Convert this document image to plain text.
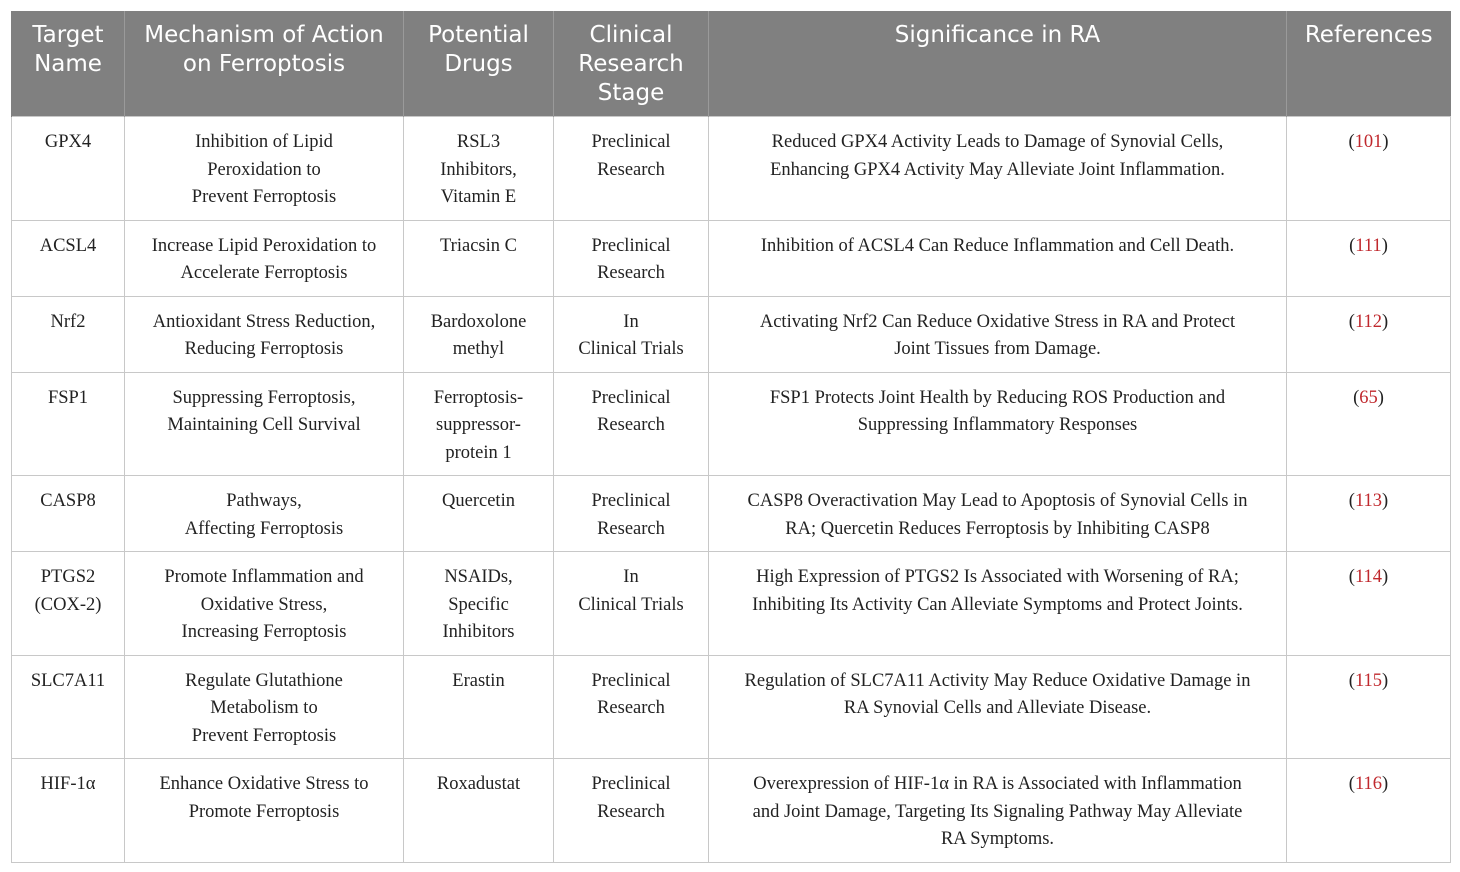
Target
Name	Mechanism of Action
on Ferroptosis	Potential
Drugs	Clinical
Research
Stage	Significance in RA	References

GPX4	Inhibition of Lipid
Peroxidation to
Prevent Ferroptosis	RSL3
Inhibitors,
Vitamin E	Preclinical
Research	Reduced GPX4 Activity Leads to Damage of Synovial Cells,
Enhancing GPX4 Activity May Alleviate Joint Inflammation.	(101)

ACSL4	Increase Lipid Peroxidation to
Accelerate Ferroptosis	Triacsin C	Preclinical
Research	Inhibition of ACSL4 Can Reduce Inflammation and Cell Death.	(111)

Nrf2	Antioxidant Stress Reduction,
Reducing Ferroptosis	Bardoxolone
methyl	In
Clinical Trials	Activating Nrf2 Can Reduce Oxidative Stress in RA and Protect
Joint Tissues from Damage.	(112)

FSP1	Suppressing Ferroptosis,
Maintaining Cell Survival	Ferroptosis-
suppressor-
protein 1	Preclinical
Research	FSP1 Protects Joint Health by Reducing ROS Production and
Suppressing Inflammatory Responses	(65)

CASP8	Pathways,
Affecting Ferroptosis	Quercetin	Preclinical
Research	CASP8 Overactivation May Lead to Apoptosis of Synovial Cells in
RA; Quercetin Reduces Ferroptosis by Inhibiting CASP8	(113)

PTGS2
(COX-2)	Promote Inflammation and
Oxidative Stress,
Increasing Ferroptosis	NSAIDs,
Specific
Inhibitors	In
Clinical Trials	High Expression of PTGS2 Is Associated with Worsening of RA;
Inhibiting Its Activity Can Alleviate Symptoms and Protect Joints.	(114)

SLC7A11	Regulate Glutathione
Metabolism to
Prevent Ferroptosis	Erastin	Preclinical
Research	Regulation of SLC7A11 Activity May Reduce Oxidative Damage in
RA Synovial Cells and Alleviate Disease.	(115)

HIF-1α	Enhance Oxidative Stress to
Promote Ferroptosis	Roxadustat	Preclinical
Research	Overexpression of HIF-1α in RA is Associated with Inflammation
and Joint Damage, Targeting Its Signaling Pathway May Alleviate
RA Symptoms.	(116)
